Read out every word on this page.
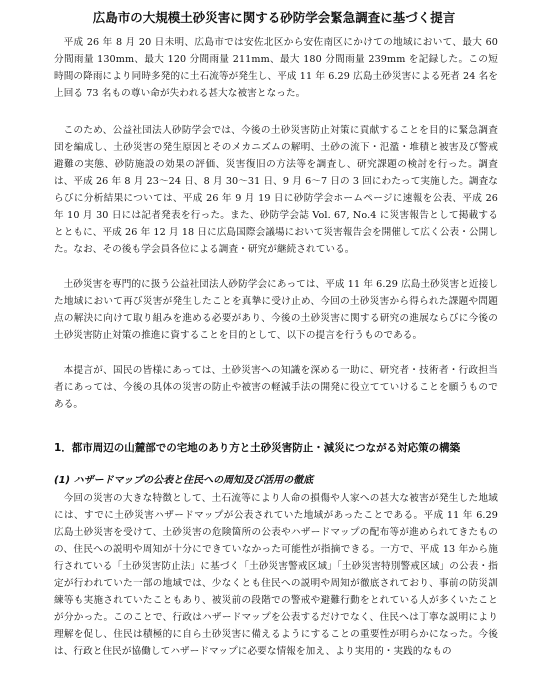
広島市の大規模土砂災害に関する砂防学会緊急調査に基づく提言

平成 26 年 8 月 20 日未明、広島市では安佐北区から安佐南区にかけての地域において、最大 60 分間雨量 130mm、最大 120 分間雨量 211mm、最大 180 分間雨量 239mm を記録した。この短時間の降雨により同時多発的に土石流等が発生し、平成 11 年 6.29 広島土砂災害による死者 24 名を上回る 73 名もの尊い命が失われる甚大な被害となった。

このため、公益社団法人砂防学会では、今後の土砂災害防止対策に貢献することを目的に緊急調査団を編成し、土砂災害の発生原因とそのメカニズムの解明、土砂の流下・氾濫・堆積と被害及び警戒避難の実態、砂防施設の効果の評価、災害復旧の方法等を調査し、研究課題の検討を行った。調査は、平成 26 年 8 月 23～24 日、8 月 30～31 日、9 月 6～7 日の 3 回にわたって実施した。調査ならびに分析結果については、平成 26 年 9 月 19 日に砂防学会ホームページに速報を公表、平成 26 年 10 月 30 日には記者発表を行った。また、砂防学会誌 Vol. 67, No.4 に災害報告として掲載するとともに、平成 26 年 12 月 18 日に広島国際会議場において災害報告会を開催して広く公表・公開した。なお、その後も学会員各位による調査・研究が継続されている。

土砂災害を専門的に扱う公益社団法人砂防学会にあっては、平成 11 年 6.29 広島土砂災害と近接した地域において再び災害が発生したことを真摯に受け止め、今回の土砂災害から得られた課題や問題点の解決に向けて取り組みを進める必要があり、今後の土砂災害に関する研究の進展ならびに今後の土砂災害防止対策の推進に資することを目的として、以下の提言を行うものである。

本提言が、国民の皆様にあっては、土砂災害への知識を深める一助に、研究者・技術者・行政担当者にあっては、今後の具体の災害の防止や被害の軽減手法の開発に役立てていけることを願うものである。

1．都市周辺の山麓部での宅地のあり方と土砂災害防止・減災につながる対応策の構築
(1) ハザードマップの公表と住民への周知及び活用の徹底

今回の災害の大きな特徴として、土石流等により人命の損傷や人家への甚大な被害が発生した地域には、すでに土砂災害ハザードマップが公表されていた地域があったことである。平成 11 年 6.29 広島土砂災害を受けて、土砂災害の危険箇所の公表やハザードマップの配布等が進められてきたものの、住民への説明や周知が十分にできていなかった可能性が指摘できる。一方で、平成 13 年から施行されている「土砂災害防止法」に基づく「土砂災害警戒区域」「土砂災害特別警戒区域」の公表・指定が行われていた一部の地域では、少なくとも住民への説明や周知が徹底されており、事前の防災訓練等も実施されていたこともあり、被災前の段階での警戒や避難行動をとれている人が多くいたことが分かった。このことで、行政はハザードマップを公表するだけでなく、住民へは丁寧な説明により理解を促し、住民は積極的に自ら土砂災害に備えるようにすることの重要性が明らかになった。今後は、行政と住民が協働してハザードマップに必要な情報を加え、より実用的・実践的なもの
